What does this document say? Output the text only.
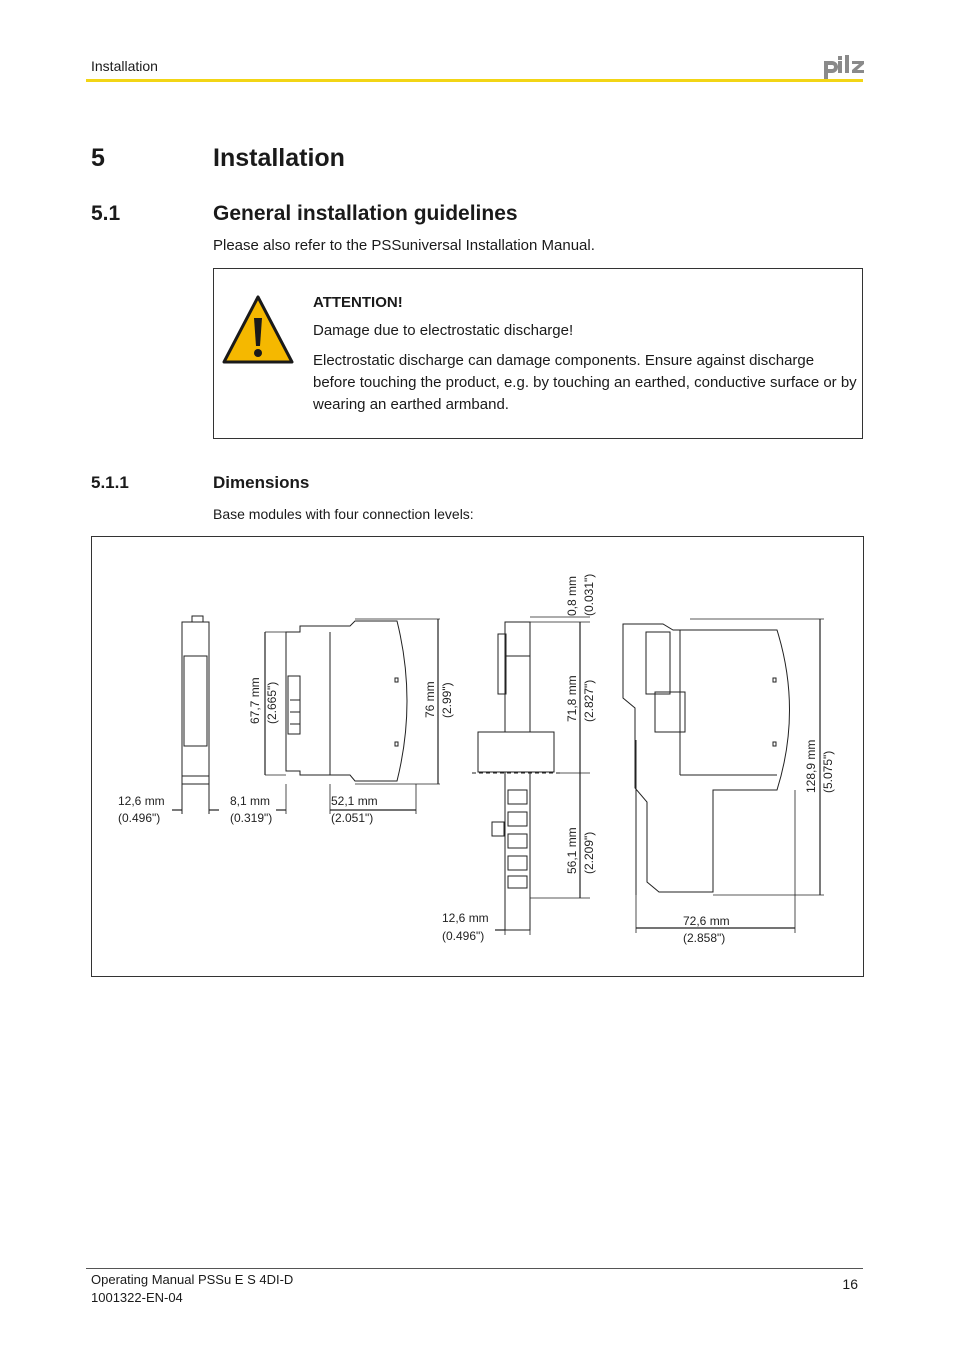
Installation
5	Installation
5.1	General installation guidelines
Please also refer to the PSSuniversal Installation Manual.
ATTENTION!
Damage due to electrostatic discharge!
Electrostatic discharge can damage components. Ensure against discharge before touching the product, e.g. by touching an earthed, conductive surface or by wearing an earthed armband.
5.1.1	Dimensions
Base modules with four connection levels:
12,6 mm
(0.496")
8,1 mm
(0.319")
52,1 mm
(2.051")
67,7 mm (2.665")	76 mm (2.99")
0,8 mm (0.031")
71,8 mm (2.827")
56,1 mm (2.209")
12,6 mm
(0.496")
128,9 mm (5.075")
72,6 mm
(2.858")
Operating Manual PSSu E S 4DI-D
1001322-EN-04
16
